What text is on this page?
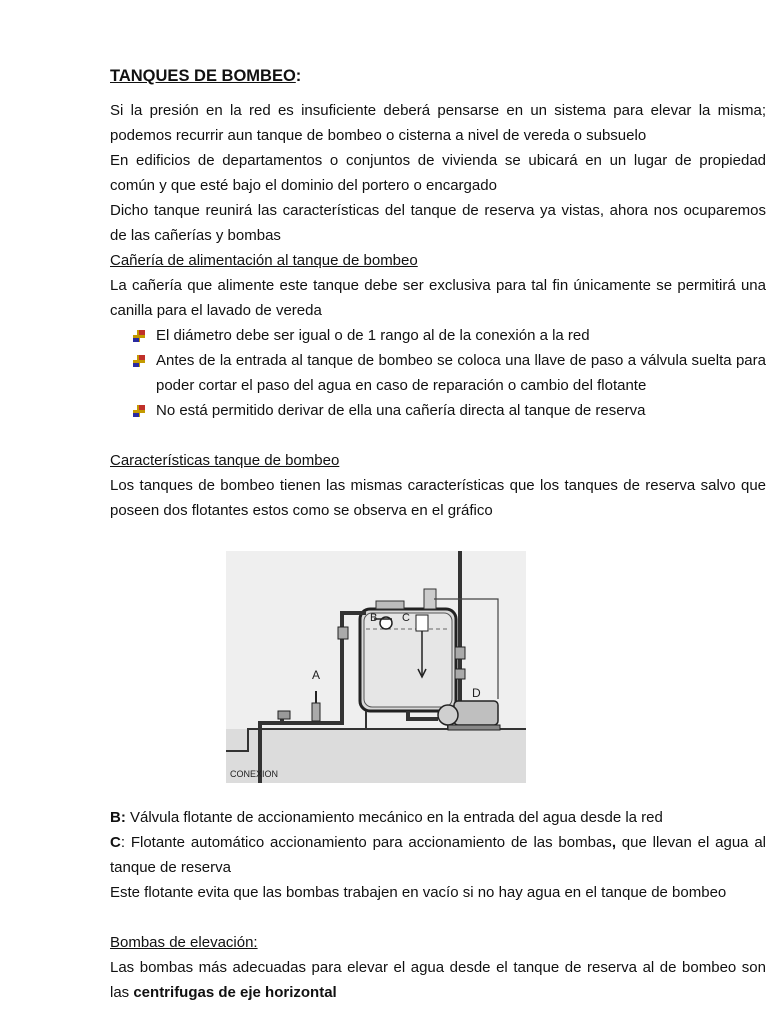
TANQUES DE BOMBEO:

Si la presión en la red es insuficiente deberá pensarse en un sistema para elevar la misma;

podemos recurrir aun tanque de bombeo o cisterna a nivel de vereda o subsuelo

En edificios de departamentos o conjuntos de vivienda se ubicará en un lugar de propiedad común y que esté bajo el dominio del portero o encargado

Dicho tanque reunirá las características del tanque de reserva ya vistas, ahora nos ocuparemos de las cañerías y bombas

Cañería de alimentación al tanque de bombeo

La cañería que alimente este tanque debe ser exclusiva para tal fin únicamente se permitirá una canilla para el lavado de vereda

El diámetro debe ser igual o de 1 rango al de la conexión a la red
Antes de la entrada al tanque de bombeo se coloca una llave de paso a válvula suelta para poder cortar el paso del agua en caso de reparación o cambio del flotante
No está permitido derivar de ella una cañería directa al tanque de reserva

Características tanque de bombeo

Los tanques de bombeo tienen las mismas características que los tanques de reserva salvo que poseen dos flotantes estos como se observa en el gráfico

A
B C
D
CONEXION

B: Válvula flotante de accionamiento mecánico en la entrada del agua desde la red

C: Flotante automático accionamiento para accionamiento de las bombas, que llevan el agua al tanque de reserva

Este flotante evita que las bombas trabajen en vacío si no hay agua en el tanque de bombeo

Bombas de elevación:

Las bombas más adecuadas para elevar el agua desde el tanque de reserva al de bombeo son las centrifugas de eje horizontal
